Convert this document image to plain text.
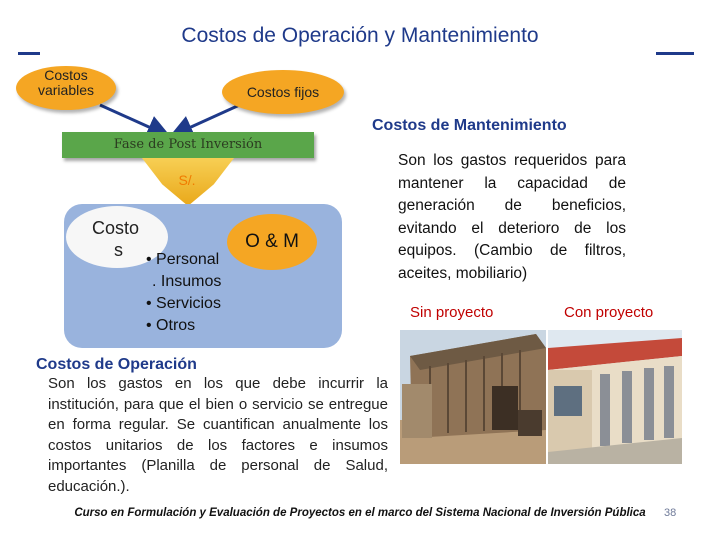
Costos de Operación y Mantenimiento
Costos variables	Costos fijos
Fase de Post Inversión
S/.
Costo
s • Personal
O & M
. Insumos
• Servicios
• Otros
Costos de Operación
Son los gastos en los que debe incurrir la institución, para que el bien o servicio se entregue en forma regular. Se cuantifican anualmente los costos unitarios de los factores e insumos importantes (Planilla de personal de Salud, educación.).
Costos de Mantenimiento
Son los gastos requeridos para mantener la capacidad de generación de beneficios, evitando el deterioro de los equipos. (Cambio de filtros, aceites, mobiliario)
Sin proyecto	Con proyecto
Curso en Formulación y Evaluación de Proyectos en el marco del Sistema Nacional de Inversión Pública	38
